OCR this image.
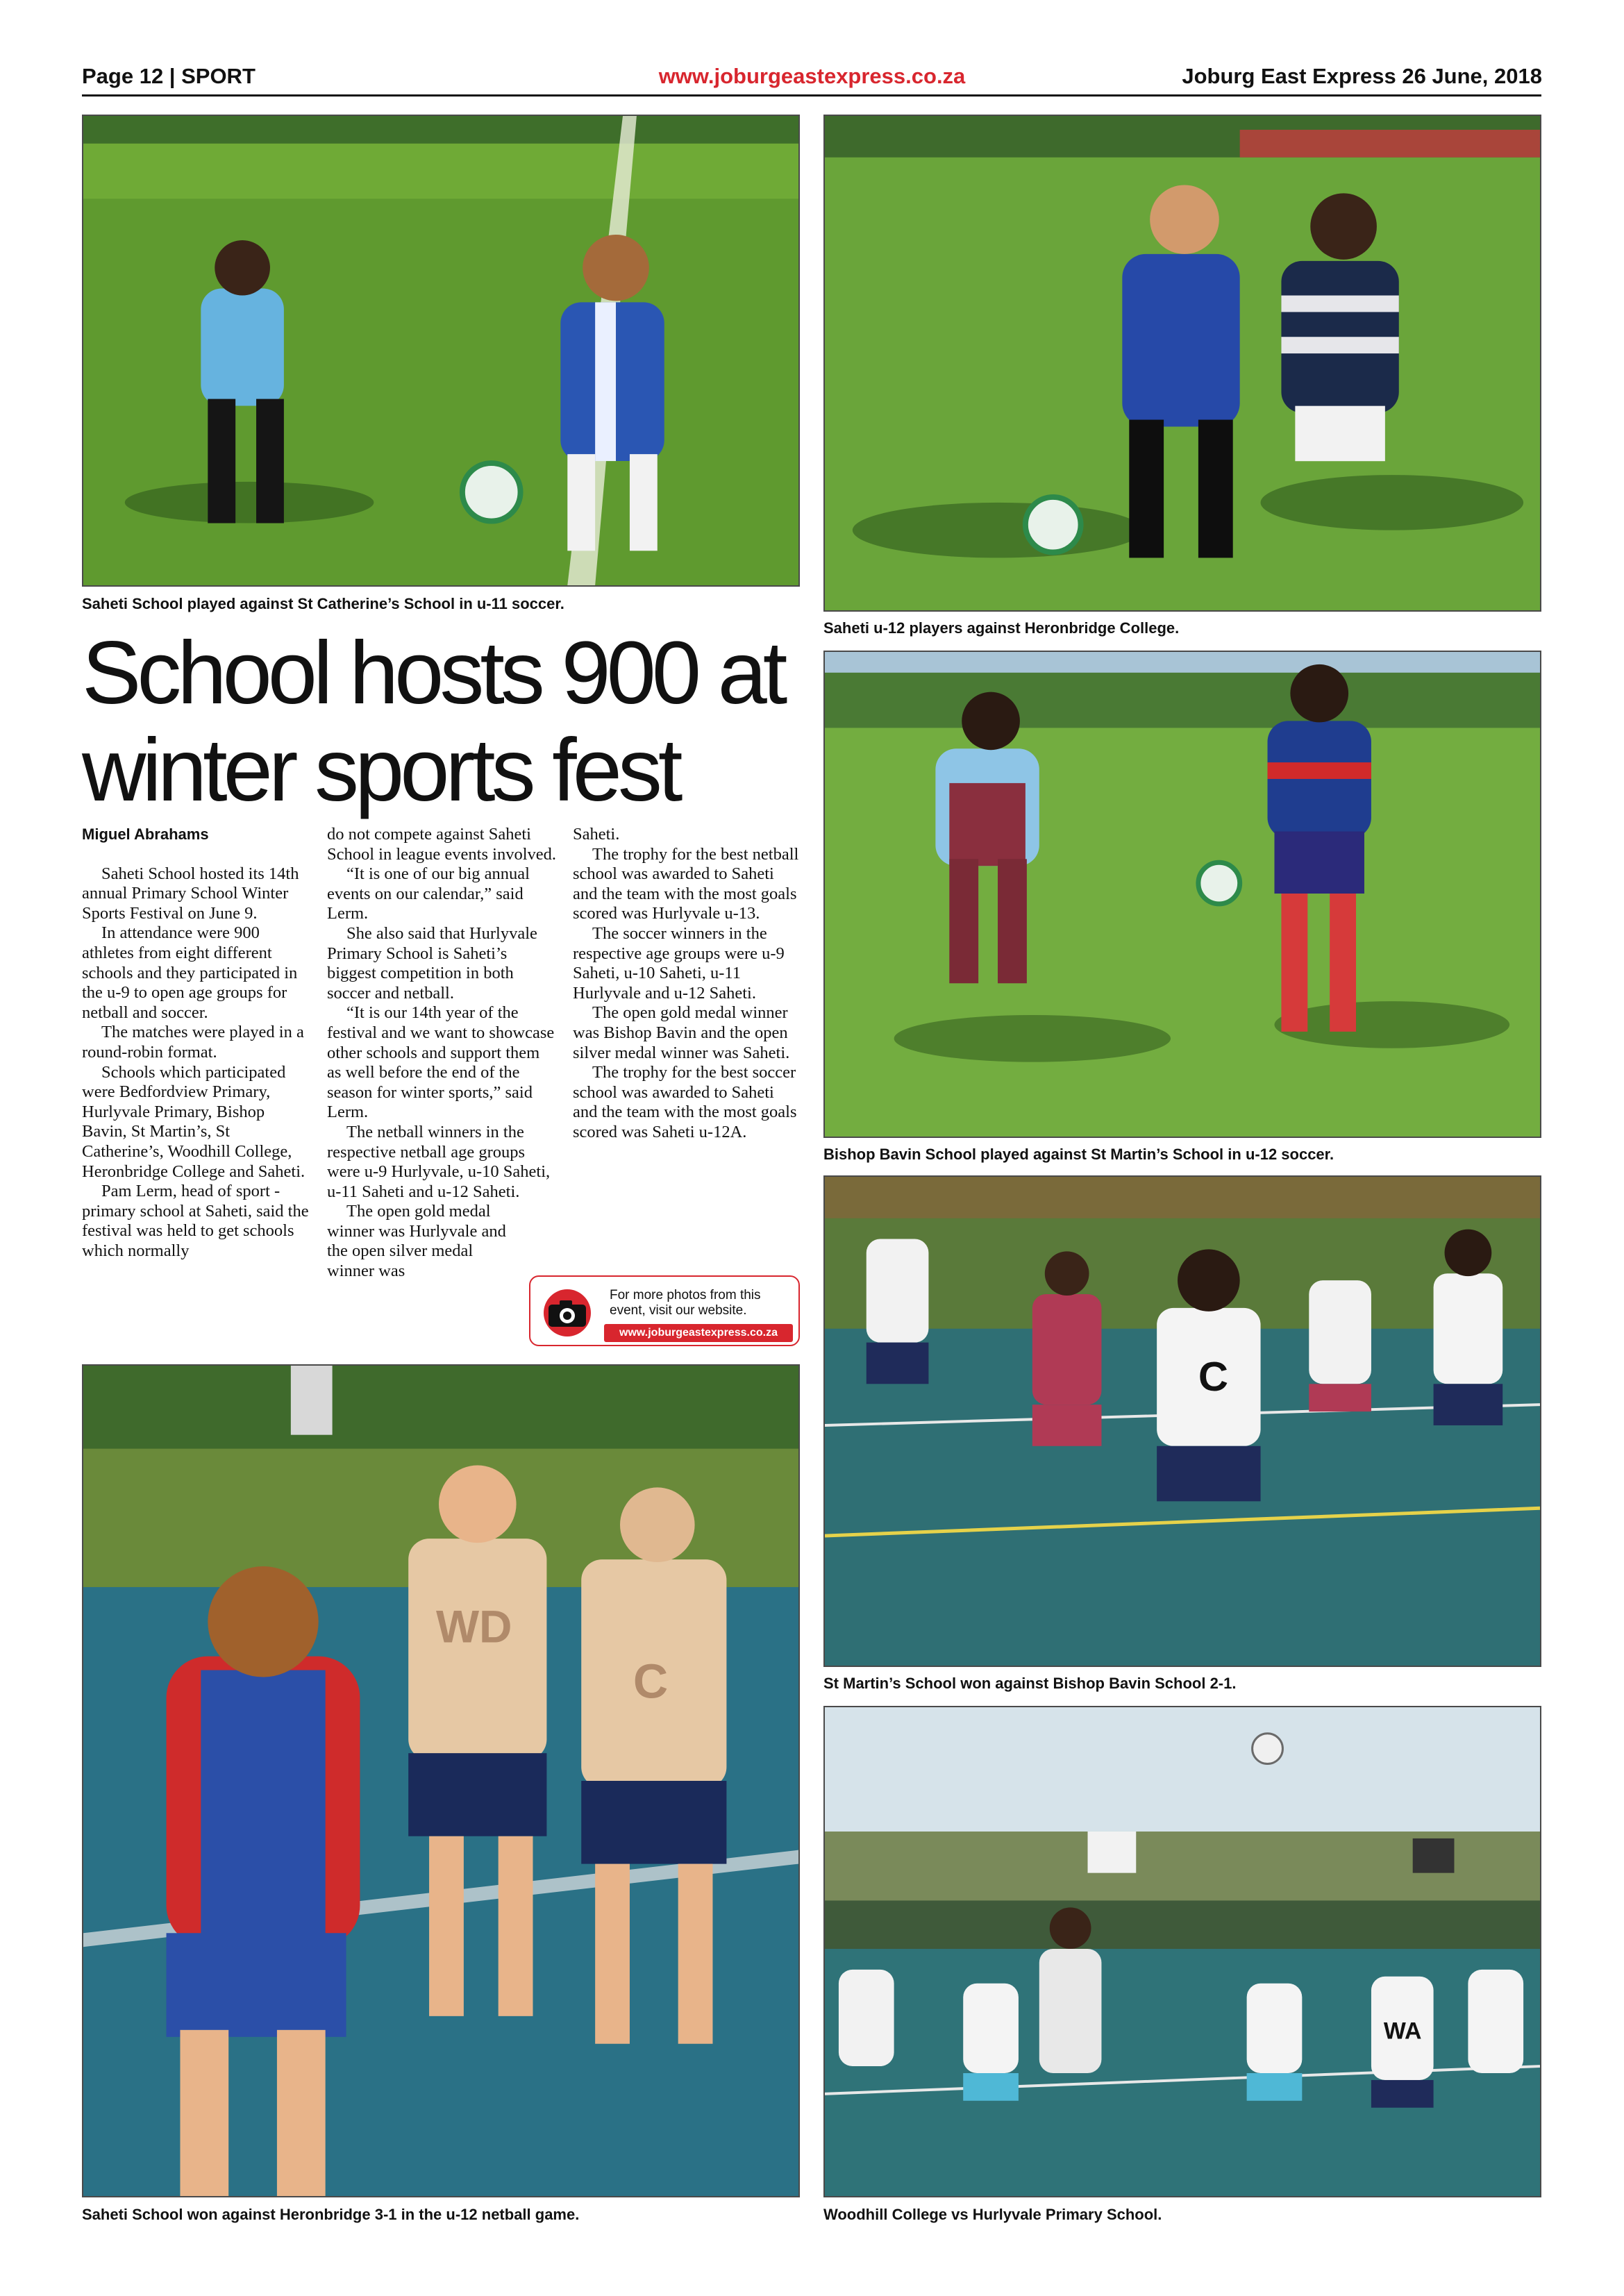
Page 12 | SPORT	www.joburgeastexpress.co.za	Joburg East Express 26 June, 2018
Saheti School played against St Catherine’s School in u-11 soccer.
Saheti u-12 players against Heronbridge College.
School hosts 900 at
winter sports fest

Miguel Abrahams

Saheti School hosted its 14th annual Primary School Winter Sports Festival on June 9.

In attendance were 900 athletes from eight different schools and they participated in the u-9 to open age groups for netball and soccer.

The matches were played in a round-robin format.

Schools which participated were Bedfordview Primary, Hurlyvale Primary, Bishop Bavin, St Martin’s, St Catherine’s, Woodhill College, Heronbridge College and Saheti.

Pam Lerm, head of sport - primary school at Saheti, said the festival was held to get schools which normally

do not compete against Saheti School in league events involved.

“It is one of our big annual events on our calendar,” said Lerm.

She also said that Hurlyvale Primary School is Saheti’s biggest competition in both soccer and netball.

“It is our 14th year of the festival and we want to showcase other schools and support them as well before the end of the season for winter sports,” said Lerm.

The netball winners in the respective netball age groups were u-9 Hurlyvale, u-10 Saheti, u-11 Saheti and u-12 Saheti.

The open gold medal winner was Hurlyvale and the open silver medal winner was

Saheti.

The trophy for the best netball school was awarded to Saheti and the team with the most goals scored was Hurlyvale u-13.

The soccer winners in the respective age groups were u-9 Saheti, u-10 Saheti, u-11 Hurlyvale and u-12 Saheti.

The open gold medal winner was Bishop Bavin and the open silver medal winner was Saheti.

The trophy for the best soccer school was awarded to Saheti and the team with the most goals scored was Saheti u-12A.

For more photos from this event, visit our website.
www.joburgeastexpress.co.za
Bishop Bavin School played against St Martin’s School in u-12 soccer.
C
St Martin’s School won against Bishop Bavin School 2-1.
WD
C
Saheti School won against Heronbridge 3-1 in the u-12 netball game.
WA
Woodhill College vs Hurlyvale Primary School.
